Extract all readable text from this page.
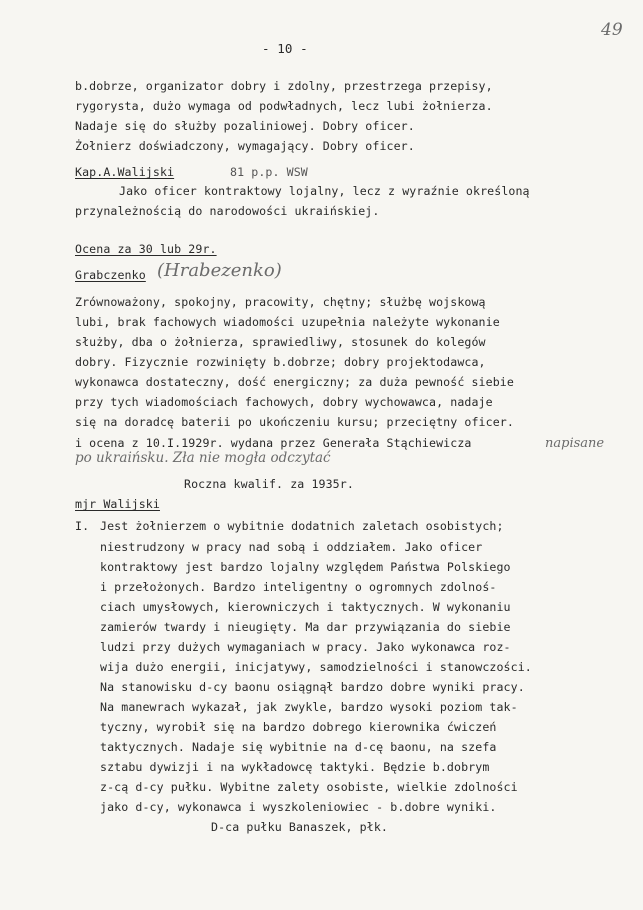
- 10 -
49
b.dobrze, organizator dobry i zdolny, przestrzega przepisy,
rygorysta, dużo wymaga od podwładnych, lecz lubi żołnierza.
Nadaje się do służby pozaliniowej. Dobry oficer.
Żołnierz doświadczony, wymagający. Dobry oficer.
Kap.A.Walijski	81 p.p. WSW
Jako oficer kontraktowy lojalny, lecz z wyraźnie określoną
przynależnością do narodowości ukraińskiej.
Ocena za 30 lub 29r.
Grabczenko (Hrabezenko)
Zrównoważony, spokojny, pracowity, chętny; służbę wojskową
lubi, brak fachowych wiadomości uzupełnia należyte wykonanie
służby, dba o żołnierza, sprawiedliwy, stosunek do kolegów
dobry. Fizycznie rozwinięty b.dobrze; dobry projektodawca,
wykonawca dostateczny, dość energiczny; za duża pewność siebie
przy tych wiadomościach fachowych, dobry wychowawca, nadaje
się na doradcę baterii po ukończeniu kursu; przeciętny oficer.
i ocena z 10.I.1929r. wydana przez Generała Stąchiewicza	napisane
po ukraińsku. Zła nie mogła odczytać
Roczna kwalif. za 1935r.
mjr Walijski
I. Jest żołnierzem o wybitnie dodatnich zaletach osobistych;
niestrudzony w pracy nad sobą i oddziałem. Jako oficer
kontraktowy jest bardzo lojalny względem Państwa Polskiego
i przełożonych. Bardzo inteligentny o ogromnych zdolnoś-
ciach umysłowych, kierowniczych i taktycznych. W wykonaniu
zamierów twardy i nieugięty. Ma dar przywiązania do siebie
ludzi przy dużych wymaganiach w pracy. Jako wykonawca roz-
wija dużo energii, inicjatywy, samodzielności i stanowczości.
Na stanowisku d-cy baonu osiągnął bardzo dobre wyniki pracy.
Na manewrach wykazał, jak zwykle, bardzo wysoki poziom tak-
tyczny, wyrobił się na bardzo dobrego kierownika ćwiczeń
taktycznych. Nadaje się wybitnie na d-cę baonu, na szefa
sztabu dywizji i na wykładowcę taktyki. Będzie b.dobrym
z-cą d-cy pułku. Wybitne zalety osobiste, wielkie zdolności
jako d-cy, wykonawca i wyszkoleniowiec - b.dobre wyniki.
D-ca pułku Banaszek, płk.
